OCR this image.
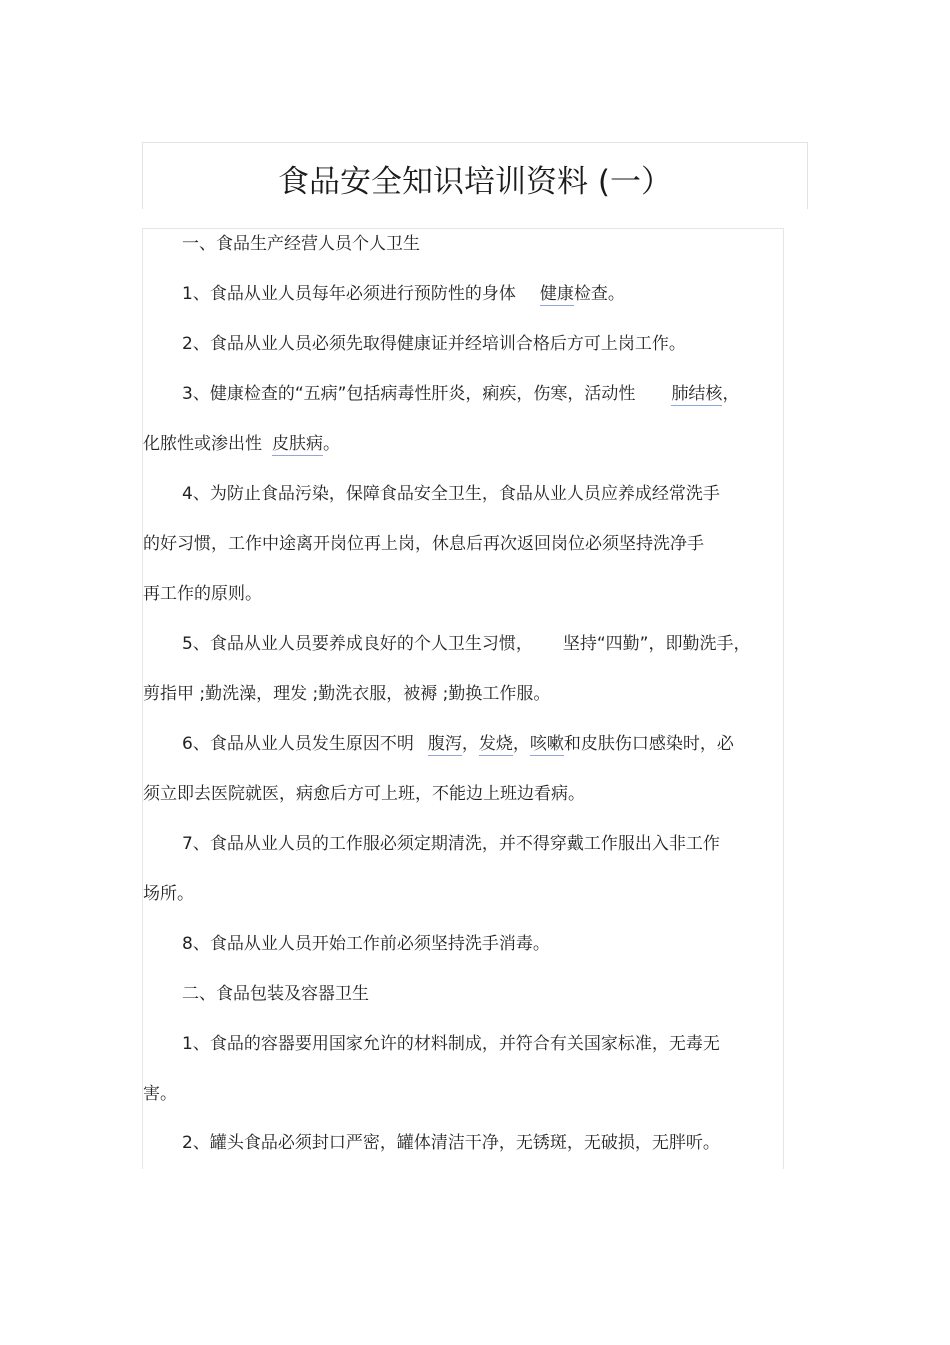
食品安全知识培训资料 (一）
一、食品生产经营人员个人卫生
1、食品从业人员每年必须进行预防性的身体 健康检查。
2、食品从业人员必须先取得健康证并经培训合格后方可上岗工作。
3、健康检查的“五病”包括病毒性肝炎，痢疾，伤寒，活动性 肺结核，
化脓性或渗出性 皮肤病。
4、为防止食品污染，保障食品安全卫生，食品从业人员应养成经常洗手
的好习惯，工作中途离开岗位再上岗，休息后再次返回岗位必须坚持洗净手
再工作的原则。
5、食品从业人员要养成良好的个人卫生习惯， 坚持“四勤”，即勤洗手，
剪指甲 ;勤洗澡，理发 ;勤洗衣服，被褥 ;勤换工作服。
6、食品从业人员发生原因不明 腹泻，发烧，咳嗽和皮肤伤口感染时，必
须立即去医院就医，病愈后方可上班，不能边上班边看病。
7、食品从业人员的工作服必须定期清洗，并不得穿戴工作服出入非工作
场所。
8、食品从业人员开始工作前必须坚持洗手消毒。
二、食品包装及容器卫生
1、食品的容器要用国家允许的材料制成，并符合有关国家标准，无毒无
害。
2、罐头食品必须封口严密，罐体清洁干净，无锈斑，无破损，无胖听。
